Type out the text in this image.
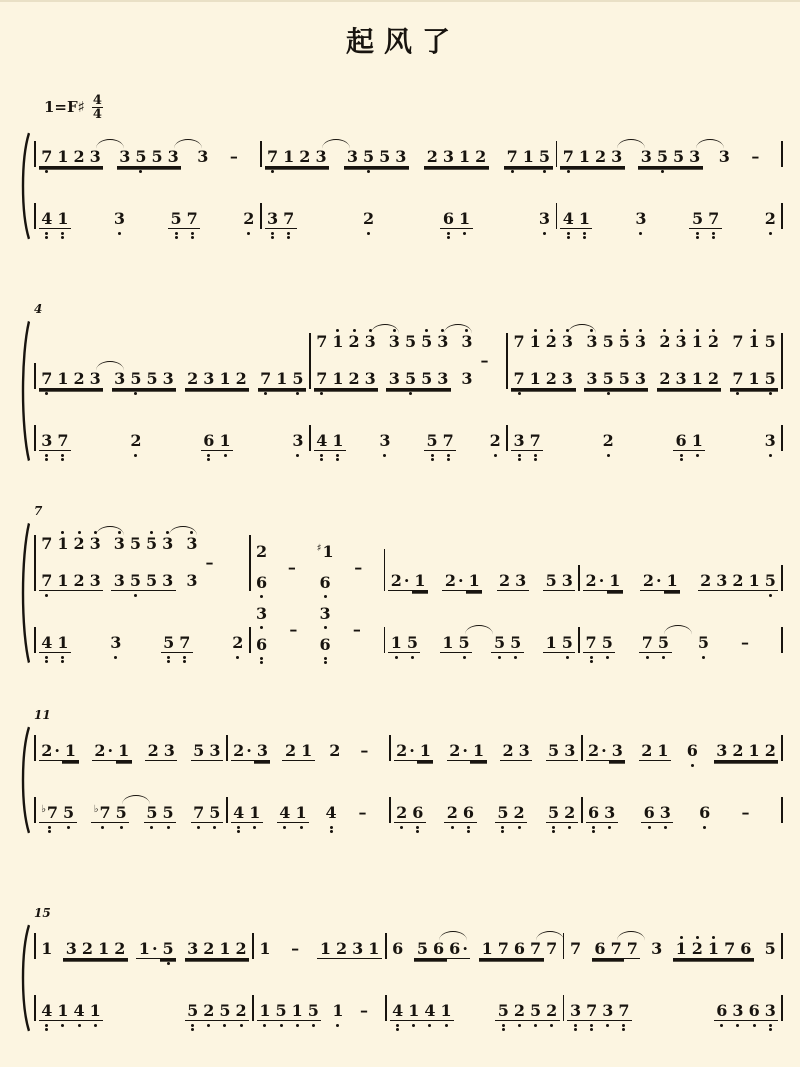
起风了
1=F♯ $\frac{4}{4}$
7 1 2 3 3 5 5 3 3 –
4 1	3	5 7	2
7 1 2 3 3 5 5 3 2 3 1 2 7 1 5
3 7	2	6 1	3
7 1 2 3 3 5 5 3 3 –
4 1	3	5 7	2
4
7 1 2 3 3 5 5 3 2 3 1 2 7 1 5
3 7	2	6 1	3
7 1 2 3 3 5 5 3 3
7 1 2 3 3 5 5 3 3
–
4 1 3 5 7 2
7 1 2 3 3 5 5 3 2 3 1 2 7 1 5
7 1 2 3 3 5 5 3 2 3 1 2 7 1 5
3 7	2	6 1	3
7
7 1 2 3 3 5 5 3 3
7 1 2 3 3 5 5 3 3
–
4 1	3	5 7	2
2
6
–
♯ 1
6
–
3
6
–
3
6
–
2 · 1 2 · 1 2 3 5 3
1 5 1 5 5 5 1 5
2 · 1 2 · 1 2 3 2 1 5
7 5 7 5 5 –
11
2 · 1 2 · 1 2 3 5 3
♭ 7 5 ♭ 7 5 5 5 7 5
2 · 3 2 1 2 –
4 1 4 1 4 –
2 · 1 2 · 1 2 3 5 3
2 6 2 6 5 2 5 2
2 · 3 2 1 6 3 2 1 2
6 3 6 3 6 –
15
1 3 2 1 2 1 · 5 3 2 1 2
4 1 4 1	5 2 5 2
1 – 1 2 3 1
1 5 1 5 1 –
6 5 6 6 · 1 7 6 7 7
4 1 4 1	5 2 5 2
7 6 7 7 3 1 2 1 7 6 5
3 7 3 7	6 3 6 3
